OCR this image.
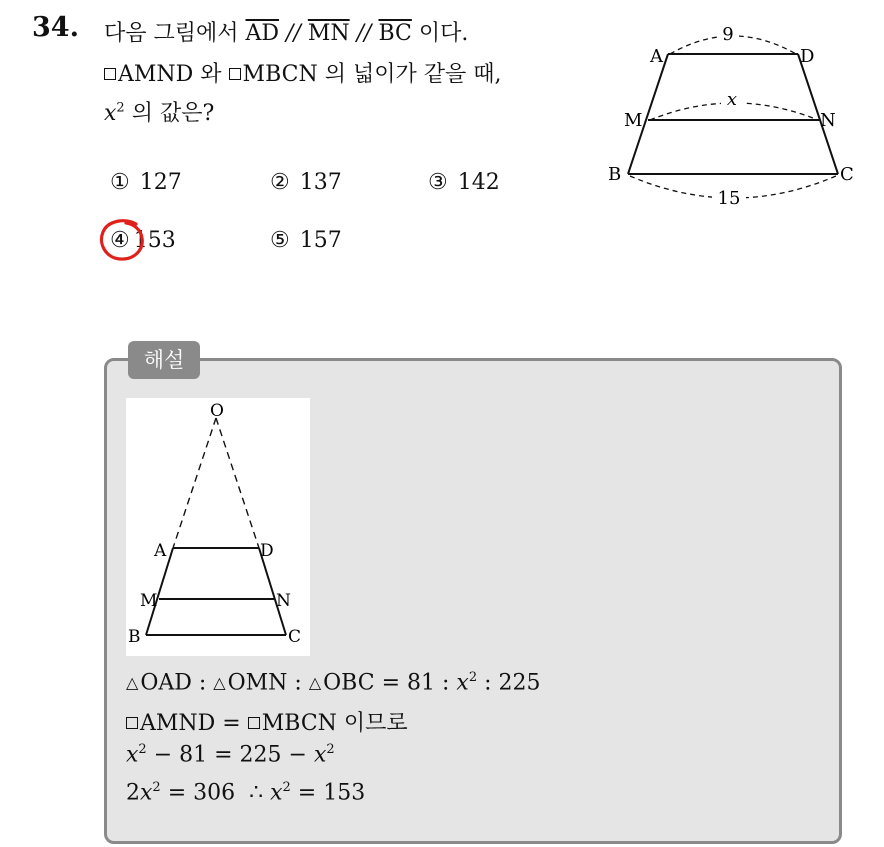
34. 다음 그림에서 $\overline{AD} // \overline{MN} // \overline{BC}$ 이다.
AMND 와 MBCN 의 넓이가 같을 때,
$x^2$ 의 값은?
① 127	② 137	③ 142
④ 153	⑤ 157
9
x
15
A	D
M	N
B	C
해설
O
A	D
M	N
B	C
△OAD : △OMN : △OBC = 81 : $x^2$ : 225
AMND = MBCN 이므로
$x^2 - 81 = 225 - x^2$
$2x^2 = 306$  ∴ $x^2 = 153$
